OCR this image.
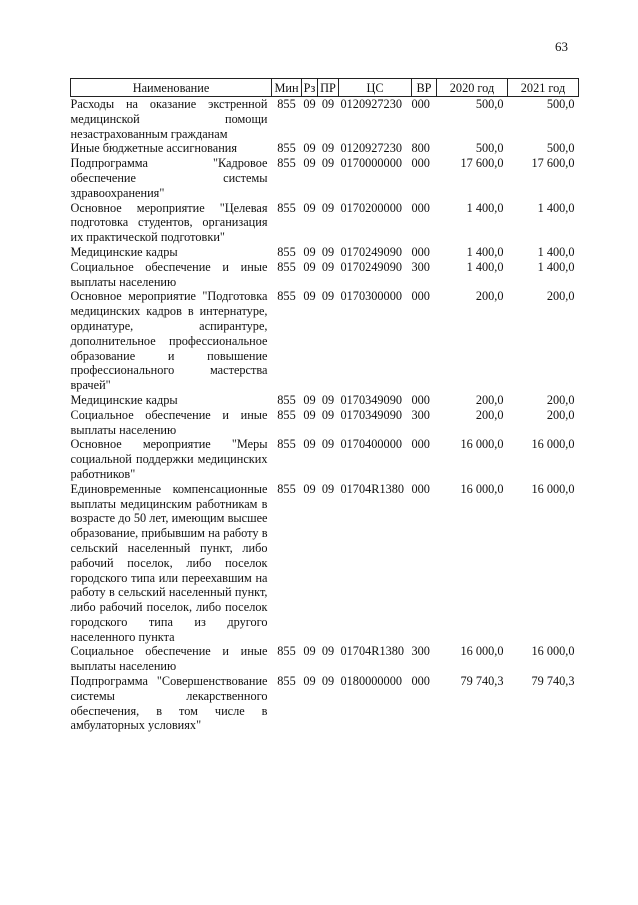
63
Наименование	Мин	Рз	ПР	ЦС	ВР	2020 год	2021 год
Расходы на оказание экстренной медицинской помощи незастрахованным гражданам	855	09	09	0120927230	000	500,0	500,0
Иные бюджетные ассигнования	855	09	09	0120927230	800	500,0	500,0
Подпрограмма "Кадровое обеспечение системы здравоохранения"	855	09	09	0170000000	000	17 600,0	17 600,0
Основное мероприятие "Целевая подготовка студентов, организация их практической подготовки"	855	09	09	0170200000	000	1 400,0	1 400,0
Медицинские кадры	855	09	09	0170249090	000	1 400,0	1 400,0
Социальное обеспечение и иные выплаты населению	855	09	09	0170249090	300	1 400,0	1 400,0
Основное мероприятие "Подготовка медицинских кадров в интернатуре, ординатуре, аспирантуре, дополнительное профессиональное образование и повышение профессионального мастерства врачей"	855	09	09	0170300000	000	200,0	200,0
Медицинские кадры	855	09	09	0170349090	000	200,0	200,0
Социальное обеспечение и иные выплаты населению	855	09	09	0170349090	300	200,0	200,0
Основное мероприятие "Меры социальной поддержки медицинских работников"	855	09	09	0170400000	000	16 000,0	16 000,0
Единовременные компенсационные выплаты медицинским работникам в возрасте до 50 лет, имеющим высшее образование, прибывшим на работу в сельский населенный пункт, либо рабочий поселок, либо поселок городского типа или переехавшим на работу в сельский населенный пункт, либо рабочий поселок, либо поселок городского типа из другого населенного пункта	855	09	09	01704R1380	000	16 000,0	16 000,0
Социальное обеспечение и иные выплаты населению	855	09	09	01704R1380	300	16 000,0	16 000,0
Подпрограмма "Совершенствование системы лекарственного обеспечения, в том числе в амбулаторных условиях"	855	09	09	0180000000	000	79 740,3	79 740,3
